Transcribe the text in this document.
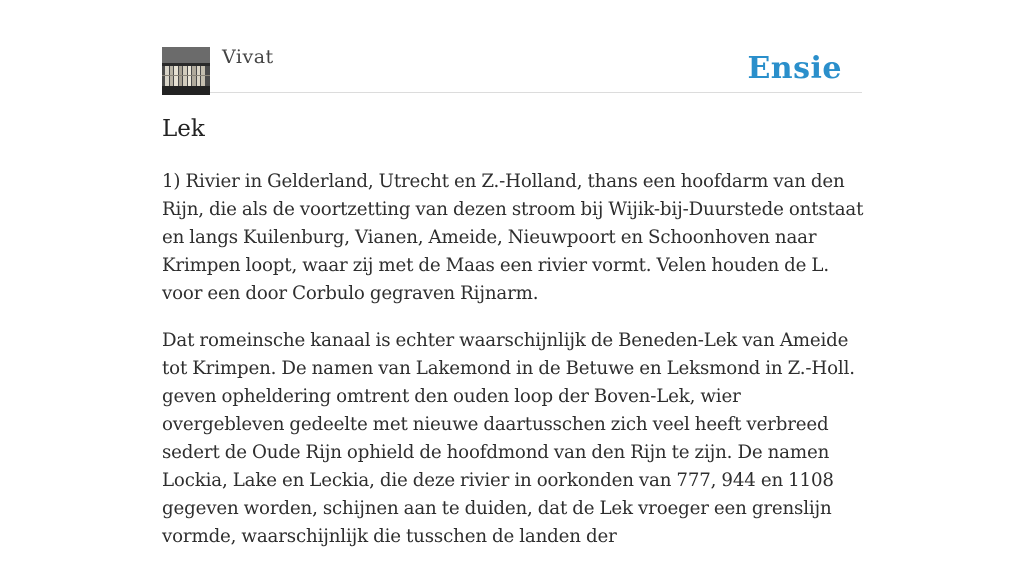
Vivat	Ensie
Lek

1) Rivier in Gelderland, Utrecht en Z.-Holland, thans een hoofdarm van den Rijn, die als de voortzetting van dezen stroom bij Wijik-bij-Duurstede ontstaat en langs Kuilenburg, Vianen, Ameide, Nieuwpoort en Schoonhoven naar Krimpen loopt, waar zij met de Maas een rivier vormt. Velen houden de L. voor een door Corbulo gegraven Rijnarm.

Dat romeinsche kanaal is echter waarschijnlijk de Beneden-Lek van Ameide tot Krimpen. De namen van Lakemond in de Betuwe en Leksmond in Z.-Holl. geven opheldering omtrent den ouden loop der Boven-Lek, wier overgebleven gedeelte met nieuwe daartusschen zich veel heeft verbreed sedert de Oude Rijn ophield de hoofdmond van den Rijn te zijn. De namen Lockia, Lake en Leckia, die deze rivier in oorkonden van 777, 944 en 1108 gegeven worden, schijnen aan te duiden, dat de Lek vroeger een grenslijn vormde, waarschijnlijk die tusschen de landen der
